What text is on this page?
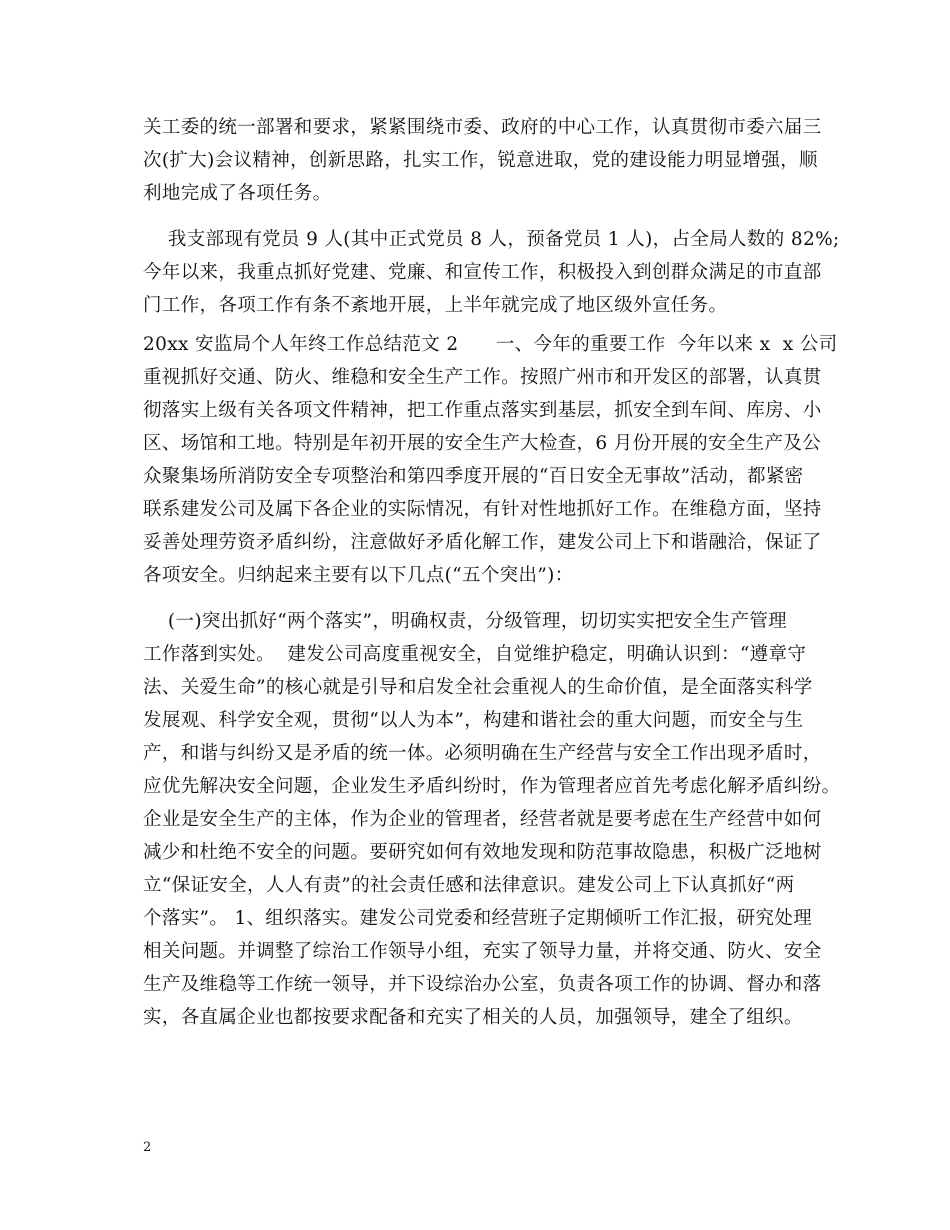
关工委的统一部署和要求，紧紧围绕市委、政府的中心工作，认真贯彻市委六届三
次(扩大)会议精神，创新思路，扎实工作，锐意进取，党的建设能力明显增强，顺
利地完成了各项任务。
我支部现有党员 9 人(其中正式党员 8 人，预备党员 1 人)，占全局人数的 82%;
今年以来，我重点抓好党建、党廉、和宣传工作，积极投入到创群众满足的市直部
门工作，各项工作有条不紊地开展，上半年就完成了地区级外宣任务。
20xx 安监局个人年终工作总结范文 2      一、今年的重要工作  今年以来 x  x 公司
重视抓好交通、防火、维稳和安全生产工作。按照广州市和开发区的部署，认真贯
彻落实上级有关各项文件精神，把工作重点落实到基层，抓安全到车间、库房、小
区、场馆和工地。特别是年初开展的安全生产大检查，6 月份开展的安全生产及公
众聚集场所消防安全专项整治和第四季度开展的“百日安全无事故”活动，都紧密
联系建发公司及属下各企业的实际情况，有针对性地抓好工作。在维稳方面，坚持
妥善处理劳资矛盾纠纷，注意做好矛盾化解工作，建发公司上下和谐融洽，保证了
各项安全。归纳起来主要有以下几点(“五个突出”)：
(一)突出抓好“两个落实”，明确权责，分级管理，切切实实把安全生产管理
工作落到实处。  建发公司高度重视安全，自觉维护稳定，明确认识到：“遵章守
法、关爱生命”的核心就是引导和启发全社会重视人的生命价值，是全面落实科学
发展观、科学安全观，贯彻“以人为本”，构建和谐社会的重大问题，而安全与生
产，和谐与纠纷又是矛盾的统一体。必须明确在生产经营与安全工作出现矛盾时，
应优先解决安全问题，企业发生矛盾纠纷时，作为管理者应首先考虑化解矛盾纠纷。
企业是安全生产的主体，作为企业的管理者，经营者就是要考虑在生产经营中如何
减少和杜绝不安全的问题。要研究如何有效地发现和防范事故隐患，积极广泛地树
立“保证安全，人人有责”的社会责任感和法律意识。建发公司上下认真抓好“两
个落实”。 1、组织落实。建发公司党委和经营班子定期倾听工作汇报，研究处理
相关问题。并调整了综治工作领导小组，充实了领导力量，并将交通、防火、安全
生产及维稳等工作统一领导，并下设综治办公室，负责各项工作的协调、督办和落
实，各直属企业也都按要求配备和充实了相关的人员，加强领导，建全了组织。
2
